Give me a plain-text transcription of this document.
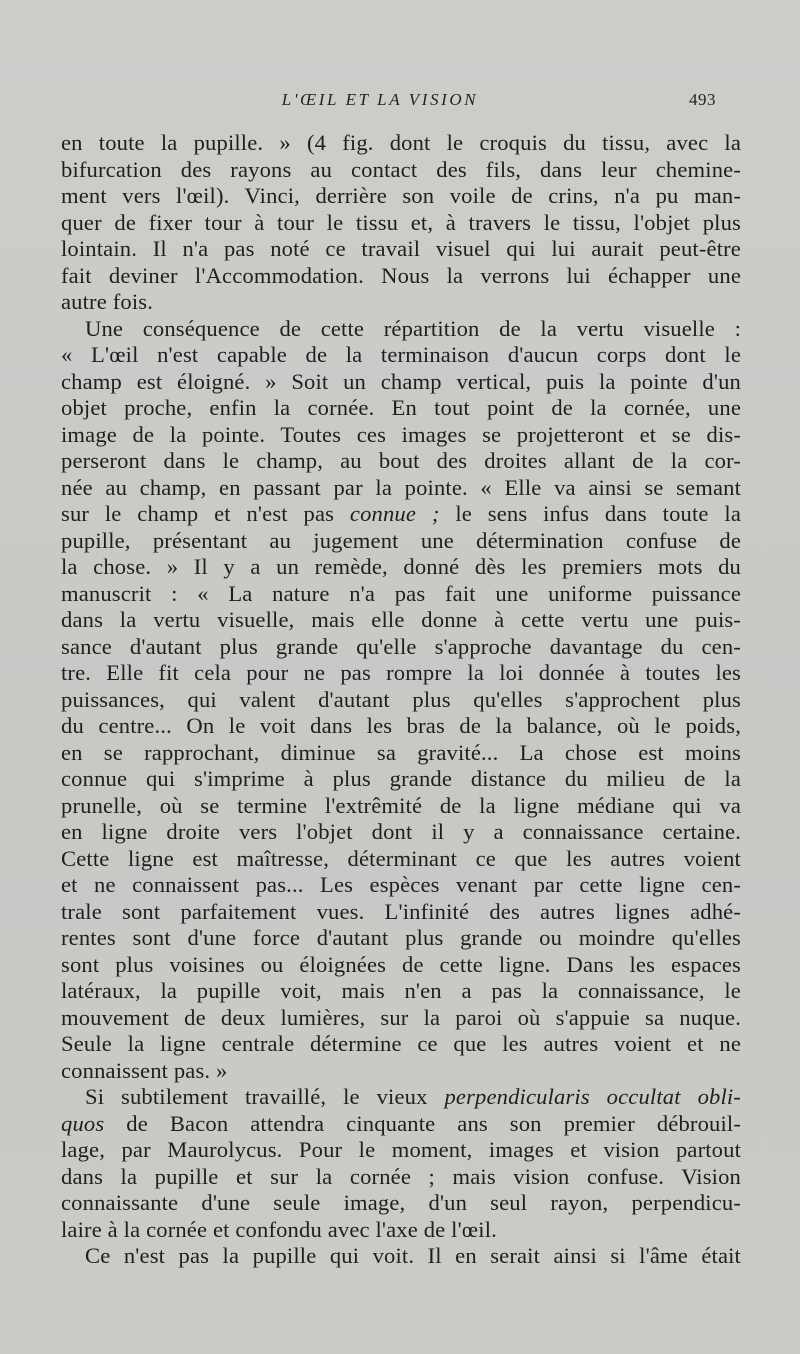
L'ŒIL ET LA VISION	493
en toute la pupille. » (4 fig. dont le croquis du tissu, avec la
bifurcation des rayons au contact des fils, dans leur chemine-
ment vers l'œil). Vinci, derrière son voile de crins, n'a pu man-
quer de fixer tour à tour le tissu et, à travers le tissu, l'objet plus
lointain. Il n'a pas noté ce travail visuel qui lui aurait peut-être
fait deviner l'Accommodation. Nous la verrons lui échapper une
autre fois.
Une conséquence de cette répartition de la vertu visuelle :
« L'œil n'est capable de la terminaison d'aucun corps dont le
champ est éloigné. » Soit un champ vertical, puis la pointe d'un
objet proche, enfin la cornée. En tout point de la cornée, une
image de la pointe. Toutes ces images se projetteront et se dis-
perseront dans le champ, au bout des droites allant de la cor-
née au champ, en passant par la pointe. « Elle va ainsi se semant
sur le champ et n'est pas connue ; le sens infus dans toute la
pupille, présentant au jugement une détermination confuse de
la chose. » Il y a un remède, donné dès les premiers mots du
manuscrit : « La nature n'a pas fait une uniforme puissance
dans la vertu visuelle, mais elle donne à cette vertu une puis-
sance d'autant plus grande qu'elle s'approche davantage du cen-
tre. Elle fit cela pour ne pas rompre la loi donnée à toutes les
puissances, qui valent d'autant plus qu'elles s'approchent plus
du centre... On le voit dans les bras de la balance, où le poids,
en se rapprochant, diminue sa gravité... La chose est moins
connue qui s'imprime à plus grande distance du milieu de la
prunelle, où se termine l'extrêmité de la ligne médiane qui va
en ligne droite vers l'objet dont il y a connaissance certaine.
Cette ligne est maîtresse, déterminant ce que les autres voient
et ne connaissent pas... Les espèces venant par cette ligne cen-
trale sont parfaitement vues. L'infinité des autres lignes adhé-
rentes sont d'une force d'autant plus grande ou moindre qu'elles
sont plus voisines ou éloignées de cette ligne. Dans les espaces
latéraux, la pupille voit, mais n'en a pas la connaissance, le
mouvement de deux lumières, sur la paroi où s'appuie sa nuque.
Seule la ligne centrale détermine ce que les autres voient et ne
connaissent pas. »
Si subtilement travaillé, le vieux perpendicularis occultat obli-
quos de Bacon attendra cinquante ans son premier débrouil-
lage, par Maurolycus. Pour le moment, images et vision partout
dans la pupille et sur la cornée ; mais vision confuse. Vision
connaissante d'une seule image, d'un seul rayon, perpendicu-
laire à la cornée et confondu avec l'axe de l'œil.
Ce n'est pas la pupille qui voit. Il en serait ainsi si l'âme était
